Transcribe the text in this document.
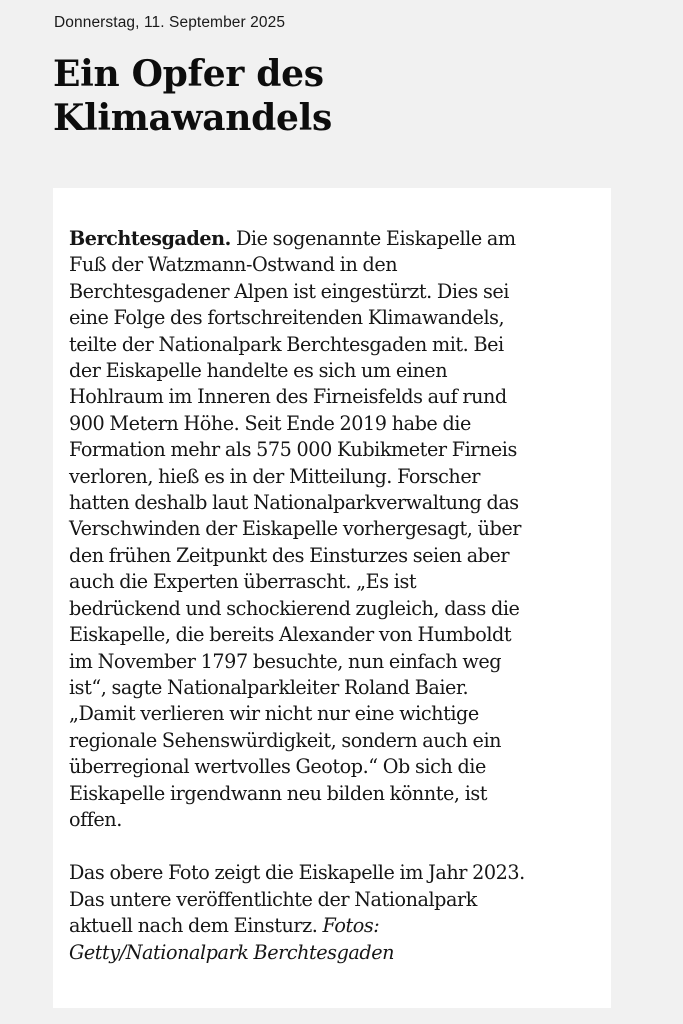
Donnerstag, 11. September 2025
Ein Opfer des
Klimawandels

Berchtesgaden. Die sogenannte Eiskapelle am
Fuß der Watzmann-Ostwand in den
Berchtesgadener Alpen ist eingestürzt. Dies sei
eine Folge des fortschreitenden Klimawandels,
teilte der Nationalpark Berchtesgaden mit. Bei
der Eiskapelle handelte es sich um einen
Hohlraum im Inneren des Firneisfelds auf rund
900 Metern Höhe. Seit Ende 2019 habe die
Formation mehr als 575 000 Kubikmeter Firneis
verloren, hieß es in der Mitteilung. Forscher
hatten deshalb laut Nationalparkverwaltung das
Verschwinden der Eiskapelle vorhergesagt, über
den frühen Zeitpunkt des Einsturzes seien aber
auch die Experten überrascht. „Es ist
bedrückend und schockierend zugleich, dass die
Eiskapelle, die bereits Alexander von Humboldt
im November 1797 besuchte, nun einfach weg
ist“, sagte Nationalparkleiter Roland Baier.
„Damit verlieren wir nicht nur eine wichtige
regionale Sehenswürdigkeit, sondern auch ein
überregional wertvolles Geotop.“ Ob sich die
Eiskapelle irgendwann neu bilden könnte, ist
offen.

Das obere Foto zeigt die Eiskapelle im Jahr 2023.
Das untere veröffentlichte der Nationalpark
aktuell nach dem Einsturz. Fotos:
Getty/Nationalpark Berchtesgaden
